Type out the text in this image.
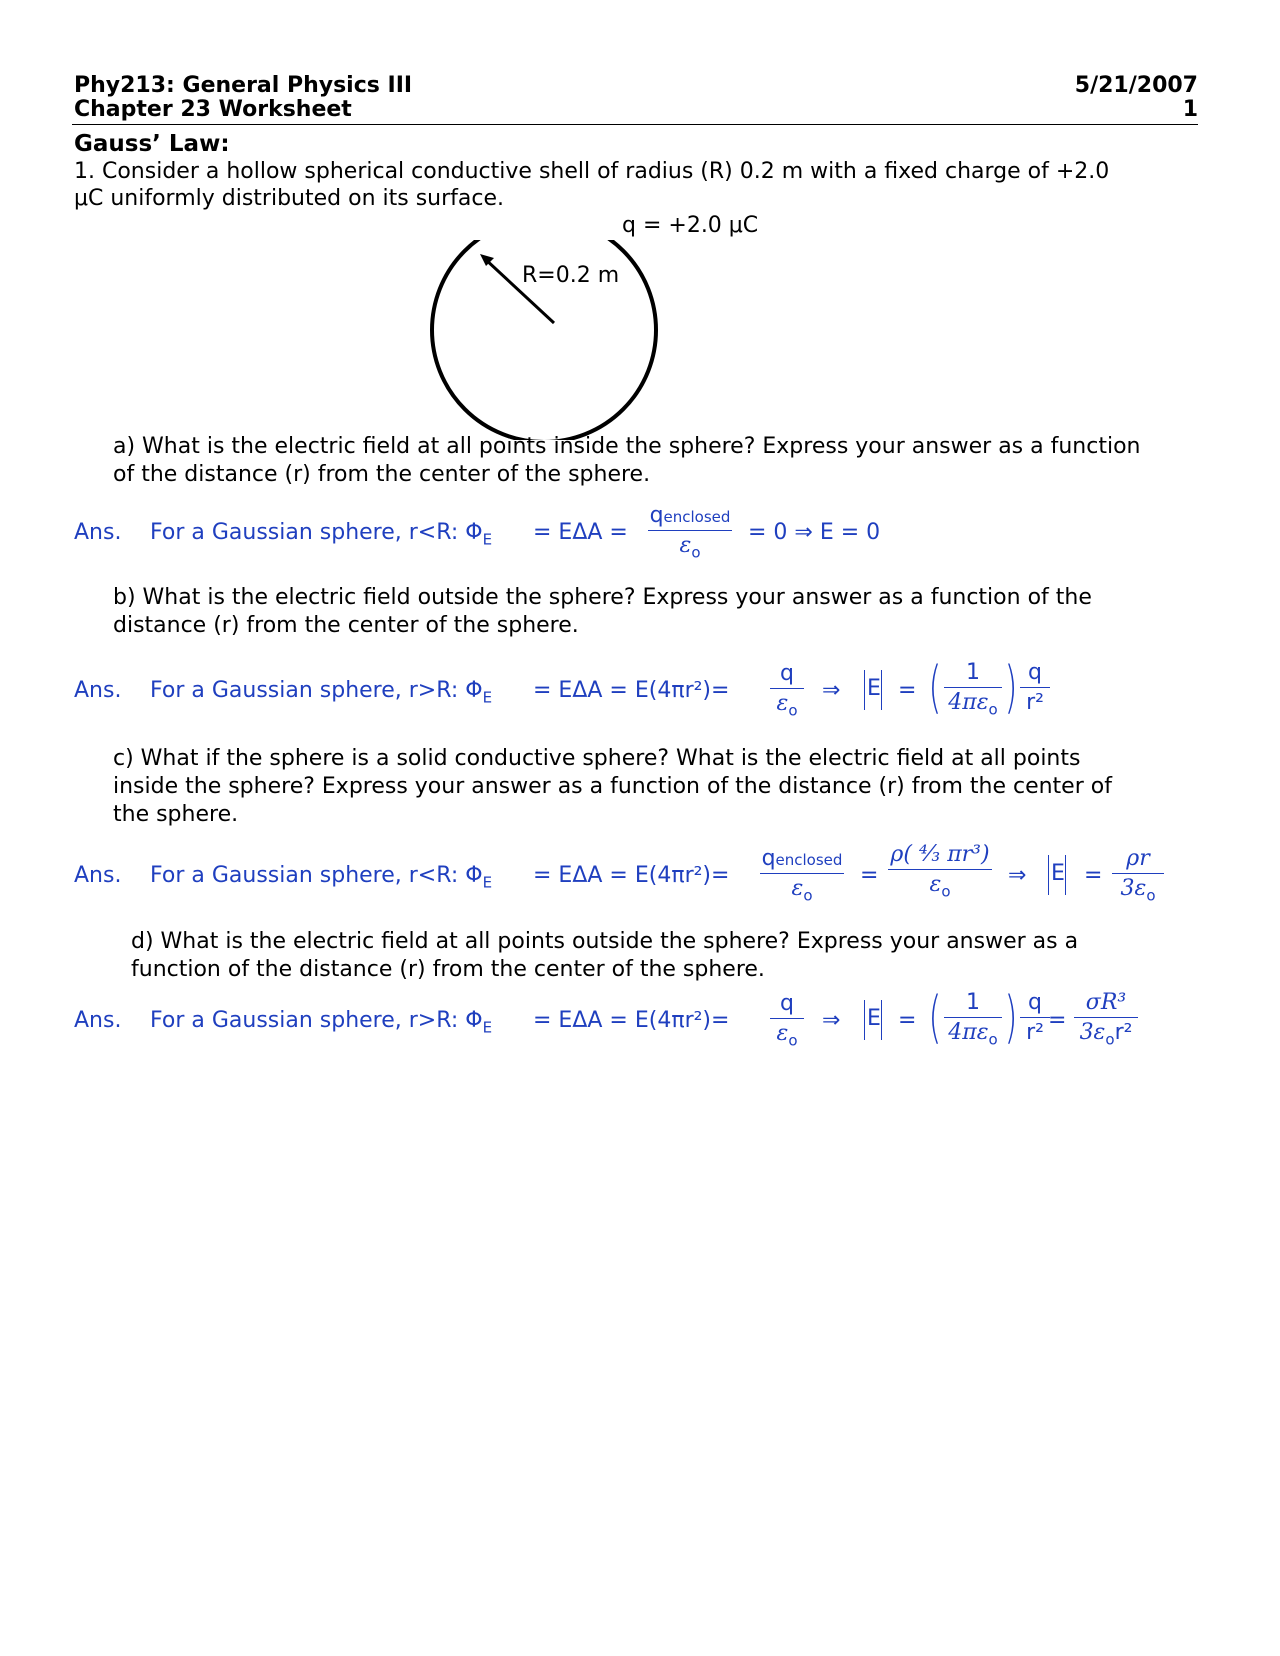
Phy213: General Physics III
Chapter 23 Worksheet
5/21/2007
1
Gauss’ Law:
1. Consider a hollow spherical conductive shell of radius (R) 0.2 m with a fixed charge of +2.0
μC uniformly distributed on its surface.
q = +2.0 μC
R=0.2 m
a) What is the electric field at all points inside the sphere? Express your answer as a function
of the distance (r) from the center of the sphere.
Ans. For a Gaussian sphere, r<R: $\Phi_E = E\Delta A$ =
qenclosed
$\varepsilon_o$
= 0 ⇒ E = 0
b) What is the electric field outside the sphere? Express your answer as a function of the
distance (r) from the center of the sphere.
Ans. For a Gaussian sphere, r>R: $\Phi_E = E\Delta A = E(4\pi r^2)=$
q
$\varepsilon_o$
⇒ E = (	1
$4\pi\varepsilon_o$ ) q
r²
c) What if the sphere is a solid conductive sphere? What is the electric field at all points
inside the sphere? Express your answer as a function of the distance (r) from the center of
the sphere.
Ans. For a Gaussian sphere, r<R: $\Phi_E = E\Delta A = E(4\pi r^2)=$
qenclosed
$\varepsilon_o$
=
ρ( ⁴⁄₃ πr³)
$\varepsilon_o$
⇒ E =
ρr
$3\varepsilon_o$
d) What is the electric field at all points outside the sphere? Express your answer as a
function of the distance (r) from the center of the sphere.
Ans. For a Gaussian sphere, r>R: $\Phi_E = E\Delta A = E(4\pi r^2)=$
q
$\varepsilon_o$
⇒ E = (	1
$4\pi\varepsilon_o$ ) q
r² =
σR³
$3\varepsilon_or^2$
